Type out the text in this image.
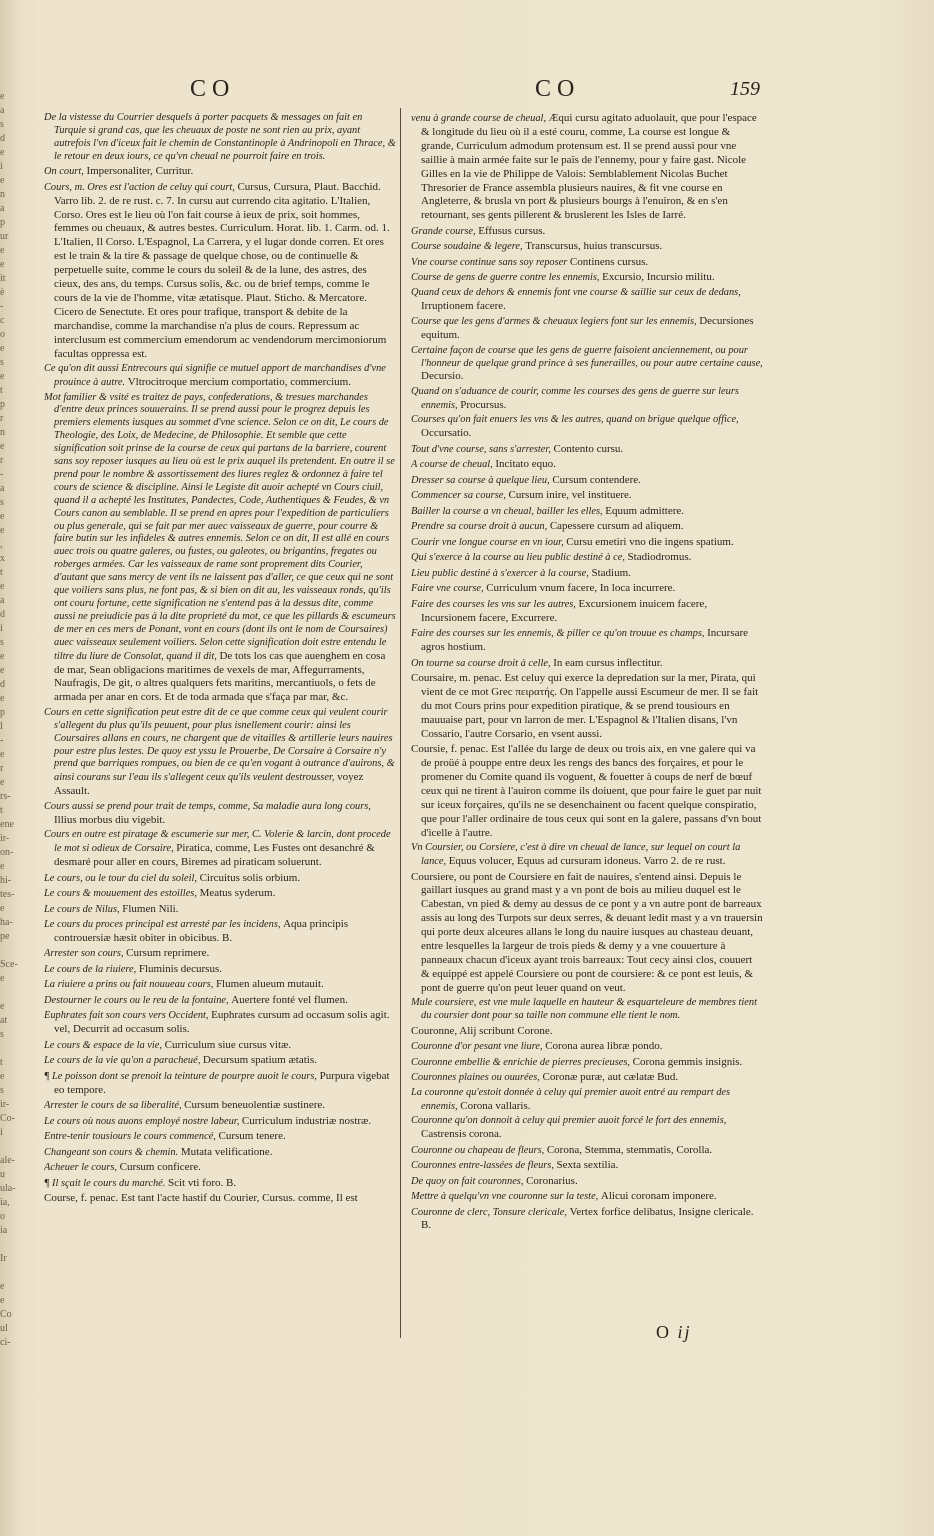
e
a
s
d
e
i
e
n
a
p
ur
e
e
it
è
-
c
o
e
s
e
t
p
r
n
e
r
-
a
s
e
e
,
x
t
e
a
d
i
s
e
e
d
e
p
l
-
e
r
e
rs-
t
ene
ir-
on-
e
hi-
tes-
e
ha-
pe

Sce-
e

e
at
s

t
e
s
ir-
Co-
i

ale-
u
ula-
ia,
o
ia

Ir

e
e
Co
ul
ci-
CO	CO	159
De la vistesse du Courrier desquels à porter pacquets & messages on fait en Turquie si grand cas, que les cheuaux de poste ne sont rien au prix, ayant autrefois l'vn d'iceux fait le chemin de Constantinople à Andrinopoli en Thrace, & le retour en deux iours, ce qu'vn cheual ne pourroit faire en trois.
On court, Impersonaliter, Curritur.
Cours, m. Ores est l'action de celuy qui court, Cursus, Cursura, Plaut. Bacchid. Varro lib. 2. de re rust. c. 7. In cursu aut currendo cita agitatio. L'Italien, Corso. Ores est le lieu où l'on fait course à ieux de prix, soit hommes, femmes ou cheuaux, & autres bestes. Curriculum. Horat. lib. 1. Carm. od. 1. L'Italien, Il Corso. L'Espagnol, La Carrera, y el lugar donde corren. Et ores est le train & la tire & passage de quelque chose, ou de continuelle & perpetuelle suite, comme le cours du soleil & de la lune, des astres, des cieux, des ans, du temps. Cursus solis, &c. ou de brief temps, comme le cours de la vie de l'homme, vitæ ætatisque. Plaut. Sticho. & Mercatore. Cicero de Senectute. Et ores pour trafique, transport & debite de la marchandise, comme la marchandise n'a plus de cours. Repressum ac interclusum est commercium emendorum ac vendendorum mercimoniorum facultas oppressa est.
Ce qu'on dit aussi Entrecours qui signifie ce mutuel apport de marchandises d'vne prouince à autre. Vltrocitroque mercium comportatio, commercium.
Mot familier & vsité es traitez de pays, confederations, & tresues marchandes d'entre deux princes souuerains. Il se prend aussi pour le progrez depuis les premiers elements iusques au sommet d'vne science. Selon ce on dit, Le cours de Theologie, des Loix, de Medecine, de Philosophie. Et semble que cette signification soit prinse de la course de ceux qui partans de la barriere, courent sans soy reposer iusques au lieu où est le prix auquel ils pretendent. En outre il se prend pour le nombre & assortissement des liures reglez & ordonnez à faire tel cours de science & discipline. Ainsi le Legiste dit auoir achepté vn Cours ciuil, quand il a achepté les Institutes, Pandectes, Code, Authentiques & Feudes, & vn Cours canon au semblable. Il se prend en apres pour l'expedition de particuliers ou plus generale, qui se fait par mer auec vaisseaux de guerre, pour courre & faire butin sur les infideles & autres ennemis. Selon ce on dit, Il est allé en cours auec trois ou quatre galeres, ou fustes, ou galeotes, ou brigantins, fregates ou roberges armées. Car les vaisseaux de rame sont proprement dits Courier, d'autant que sans mercy de vent ils ne laissent pas d'aller, ce que ceux qui ne sont que voiliers sans plus, ne font pas, & si bien on dit au, les vaisseaux ronds, qu'ils ont couru fortune, cette signification ne s'entend pas à la dessus dite, comme aussi ne preiudicie pas à la dite proprieté du mot, ce que les pillards & escumeurs de mer en ces mers de Ponant, vont en cours (dont ils ont le nom de Coursaires) auec vaisseaux seulement voiliers. Selon cette signification doit estre entendu le tiltre du liure de Consolat, quand il dit, De tots los cas que auenghem en cosa de mar, Sean obligacions maritimes de vexels de mar, Affegurraments, Naufragis, De git, o altres qualquers fets maritins, mercantiuols, o fets de armada per anar en cors. Et de toda armada que s'faça par mar, &c.
Cours en cette signification peut estre dit de ce que comme ceux qui veulent courir s'allegent du plus qu'ils peuuent, pour plus isnellement courir: ainsi les Coursaires allans en cours, ne chargent que de vitailles & artillerie leurs nauires pour estre plus lestes. De quoy est yssu le Prouerbe, De Corsaire à Corsaire n'y prend que barriques rompues, ou bien de ce qu'en vogant à outrance d'auirons, & ainsi courans sur l'eau ils s'allegent ceux qu'ils veulent destrousser, voyez Assault.
Cours aussi se prend pour trait de temps, comme, Sa maladie aura long cours, Illius morbus diu vigebit.
Cours en outre est piratage & escumerie sur mer, C. Volerie & larcin, dont procede le mot si odieux de Corsaire, Piratica, comme, Les Fustes ont desanchré & desmaré pour aller en cours, Biremes ad piraticam soluerunt.
Le cours, ou le tour du ciel du soleil, Circuitus solis orbium.
Le cours & mouuement des estoilles, Meatus syderum.
Le cours de Nilus, Flumen Nili.
Le cours du proces principal est arresté par les incidens, Aqua principis controuersiæ hæsit obiter in obicibus. B.
Arrester son cours, Cursum reprimere.
Le cours de la riuiere, Fluminis decursus.
La riuiere a prins ou fait nouueau cours, Flumen alueum mutauit.
Destourner le cours ou le reu de la fontaine, Auertere fonté vel flumen.
Euphrates fait son cours vers Occident, Euphrates cursum ad occasum solis agit. vel, Decurrit ad occasum solis.
Le cours & espace de la vie, Curriculum siue cursus vitæ.
Le cours de la vie qu'on a paracheué, Decursum spatium ætatis.
¶ Le poisson dont se prenoit la teinture de pourpre auoit le cours, Purpura vigebat eo tempore.
Arrester le cours de sa liberalité, Cursum beneuolentiæ sustinere.
Le cours où nous auons employé nostre labeur, Curriculum industriæ nostræ.
Entre-tenir tousiours le cours commencé, Cursum tenere.
Changeant son cours & chemin. Mutata velificatione.
Acheuer le cours, Cursum conficere.
¶ Il sçait le cours du marché. Scit vti foro. B.
Course, f. penac. Est tant l'acte hastif du Courier, Cursus. comme, Il est
venu à grande course de cheual, Æqui cursu agitato aduolauit, que pour l'espace & longitude du lieu où il a esté couru, comme, La course est longue & grande, Curriculum admodum protensum est. Il se prend aussi pour vne saillie à main armée faite sur le païs de l'ennemy, pour y faire gast. Nicole Gilles en la vie de Philippe de Valois: Semblablement Nicolas Buchet Thresorier de France assembla plusieurs nauires, & fit vne course en Angleterre, & brusla vn port & plusieurs bourgs à l'enuiron, & en s'en retournant, ses gents pillerent & bruslerent les Isles de Iarré.
Grande course, Effusus cursus.
Course soudaine & legere, Transcursus, huius transcursus.
Vne course continue sans soy reposer Continens cursus.
Course de gens de guerre contre les ennemis, Excursio, Incursio militu.
Quand ceux de dehors & ennemis font vne course & saillie sur ceux de dedans, Irruptionem facere.
Course que les gens d'armes & cheuaux legiers font sur les ennemis, Decursiones equitum.
Certaine façon de course que les gens de guerre faisoient anciennement, ou pour l'honneur de quelque grand prince à ses funerailles, ou pour autre certaine cause, Decursio.
Quand on s'aduance de courir, comme les courses des gens de guerre sur leurs ennemis, Procursus.
Courses qu'on fait enuers les vns & les autres, quand on brigue quelque office, Occursatio.
Tout d'vne course, sans s'arrester, Contento cursu.
A course de cheual, Incitato equo.
Dresser sa course à quelque lieu, Cursum contendere.
Commencer sa course, Cursum inire, vel instituere.
Bailler la course a vn cheual, bailler les elles, Equum admittere.
Prendre sa course droit à aucun, Capessere cursum ad aliquem.
Courir vne longue course en vn iour, Cursu emetiri vno die ingens spatium.
Qui s'exerce à la course au lieu public destiné à ce, Stadiodromus.
Lieu public destiné à s'exercer à la course, Stadium.
Faire vne course, Curriculum vnum facere, In loca incurrere.
Faire des courses les vns sur les autres, Excursionem inuicem facere, Incursionem facere, Excurrere.
Faire des courses sur les ennemis, & piller ce qu'on trouue es champs, Incursare agros hostium.
On tourne sa course droit à celle, In eam cursus inflectitur.
Coursaire, m. penac. Est celuy qui exerce la depredation sur la mer, Pirata, qui vient de ce mot Grec πειρατής. On l'appelle aussi Escumeur de mer. Il se fait du mot Cours prins pour expedition piratique, & se prend tousiours en mauuaise part, pour vn larron de mer. L'Espagnol & l'Italien disans, l'vn Cossario, l'autre Corsario, en vsent aussi.
Coursie, f. penac. Est l'allée du large de deux ou trois aix, en vne galere qui va de proüé à pouppe entre deux les rengs des bancs des forçaires, et pour le promener du Comite quand ils voguent, & fouetter à coups de nerf de bœuf ceux qui ne tirent à l'auiron comme ils doiuent, que pour faire le guet par nuit sur iceux forçaires, qu'ils ne se desenchainent ou facent quelque conspiratio, que pour l'aller ordinaire de tous ceux qui sont en la galere, passans d'vn bout d'icelle à l'autre.
Vn Coursier, ou Corsiere, c'est à dire vn cheual de lance, sur lequel on court la lance, Equus volucer, Equus ad cursuram idoneus. Varro 2. de re rust.
Coursiere, ou pont de Coursiere en fait de nauires, s'entend ainsi. Depuis le gaillart iusques au grand mast y a vn pont de bois au milieu duquel est le Cabestan, vn pied & demy au dessus de ce pont y a vn autre pont de barreaux assis au long des Turpots sur deux serres, & deuant ledit mast y a vn trauersin qui porte deux alceures allans le long du nauire iusques au chasteau deuant, entre lesquelles la largeur de trois pieds & demy y a vne couuerture à panneaux chacun d'iceux ayant trois barreaux: Tout cecy ainsi clos, couuert & equippé est appelé Coursiere ou pont de coursiere: & ce pont est leuis, & pont de guerre qu'on peut leuer quand on veut.
Mule coursiere, est vne mule laquelle en hauteur & esquarteleure de membres tient du coursier dont pour sa taille non commune elle tient le nom.
Couronne, Alij scribunt Corone.
Couronne d'or pesant vne liure, Corona aurea libræ pondo.
Couronne embellie & enrichie de pierres precieuses, Corona gemmis insignis.
Couronnes plaines ou ouurées, Coronæ puræ, aut cælatæ Bud.
La couronne qu'estoit donnée à celuy qui premier auoit entré au rempart des ennemis, Corona vallaris.
Couronne qu'on donnoit à celuy qui premier auoit forcé le fort des ennemis, Castrensis corona.
Couronne ou chapeau de fleurs, Corona, Stemma, stemmatis, Corolla.
Couronnes entre-lassées de fleurs, Sexta sextilia.
De quoy on fait couronnes, Coronarius.
Mettre à quelqu'vn vne couronne sur la teste, Alicui coronam imponere.
Couronne de clerc, Tonsure clericale, Vertex forfice delibatus, Insigne clericale. B.
O ij
